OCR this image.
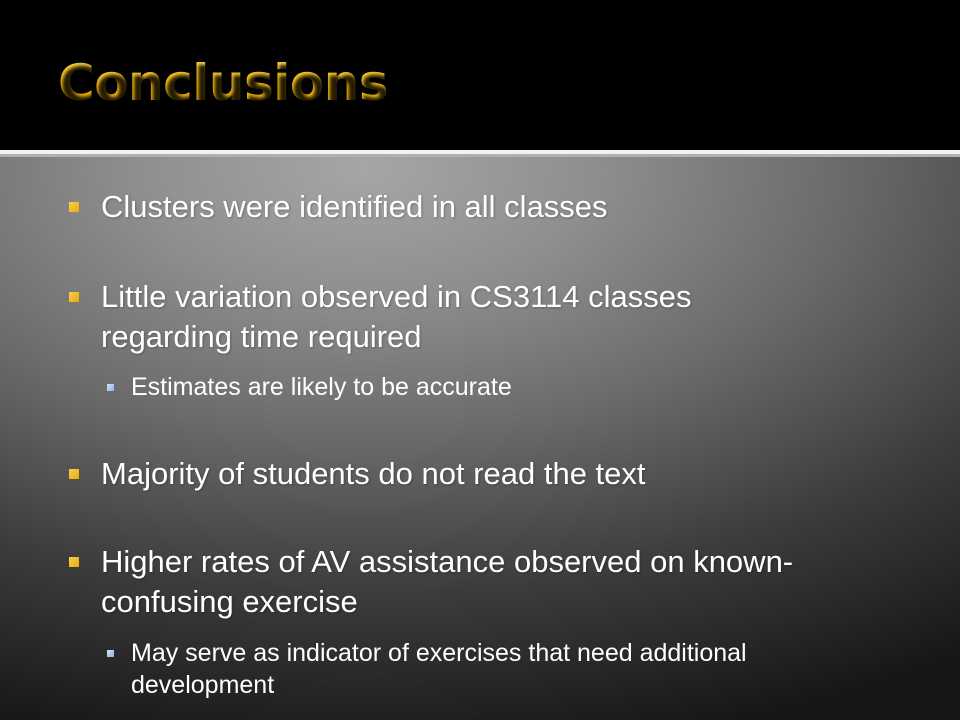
Conclusions
Clusters were identified in all classes
Little variation observed in CS3114 classes regarding time required
Estimates are likely to be accurate
Majority of students do not read the text
Higher rates of AV assistance observed on known-confusing exercise
May serve as indicator of exercises that need additional development
